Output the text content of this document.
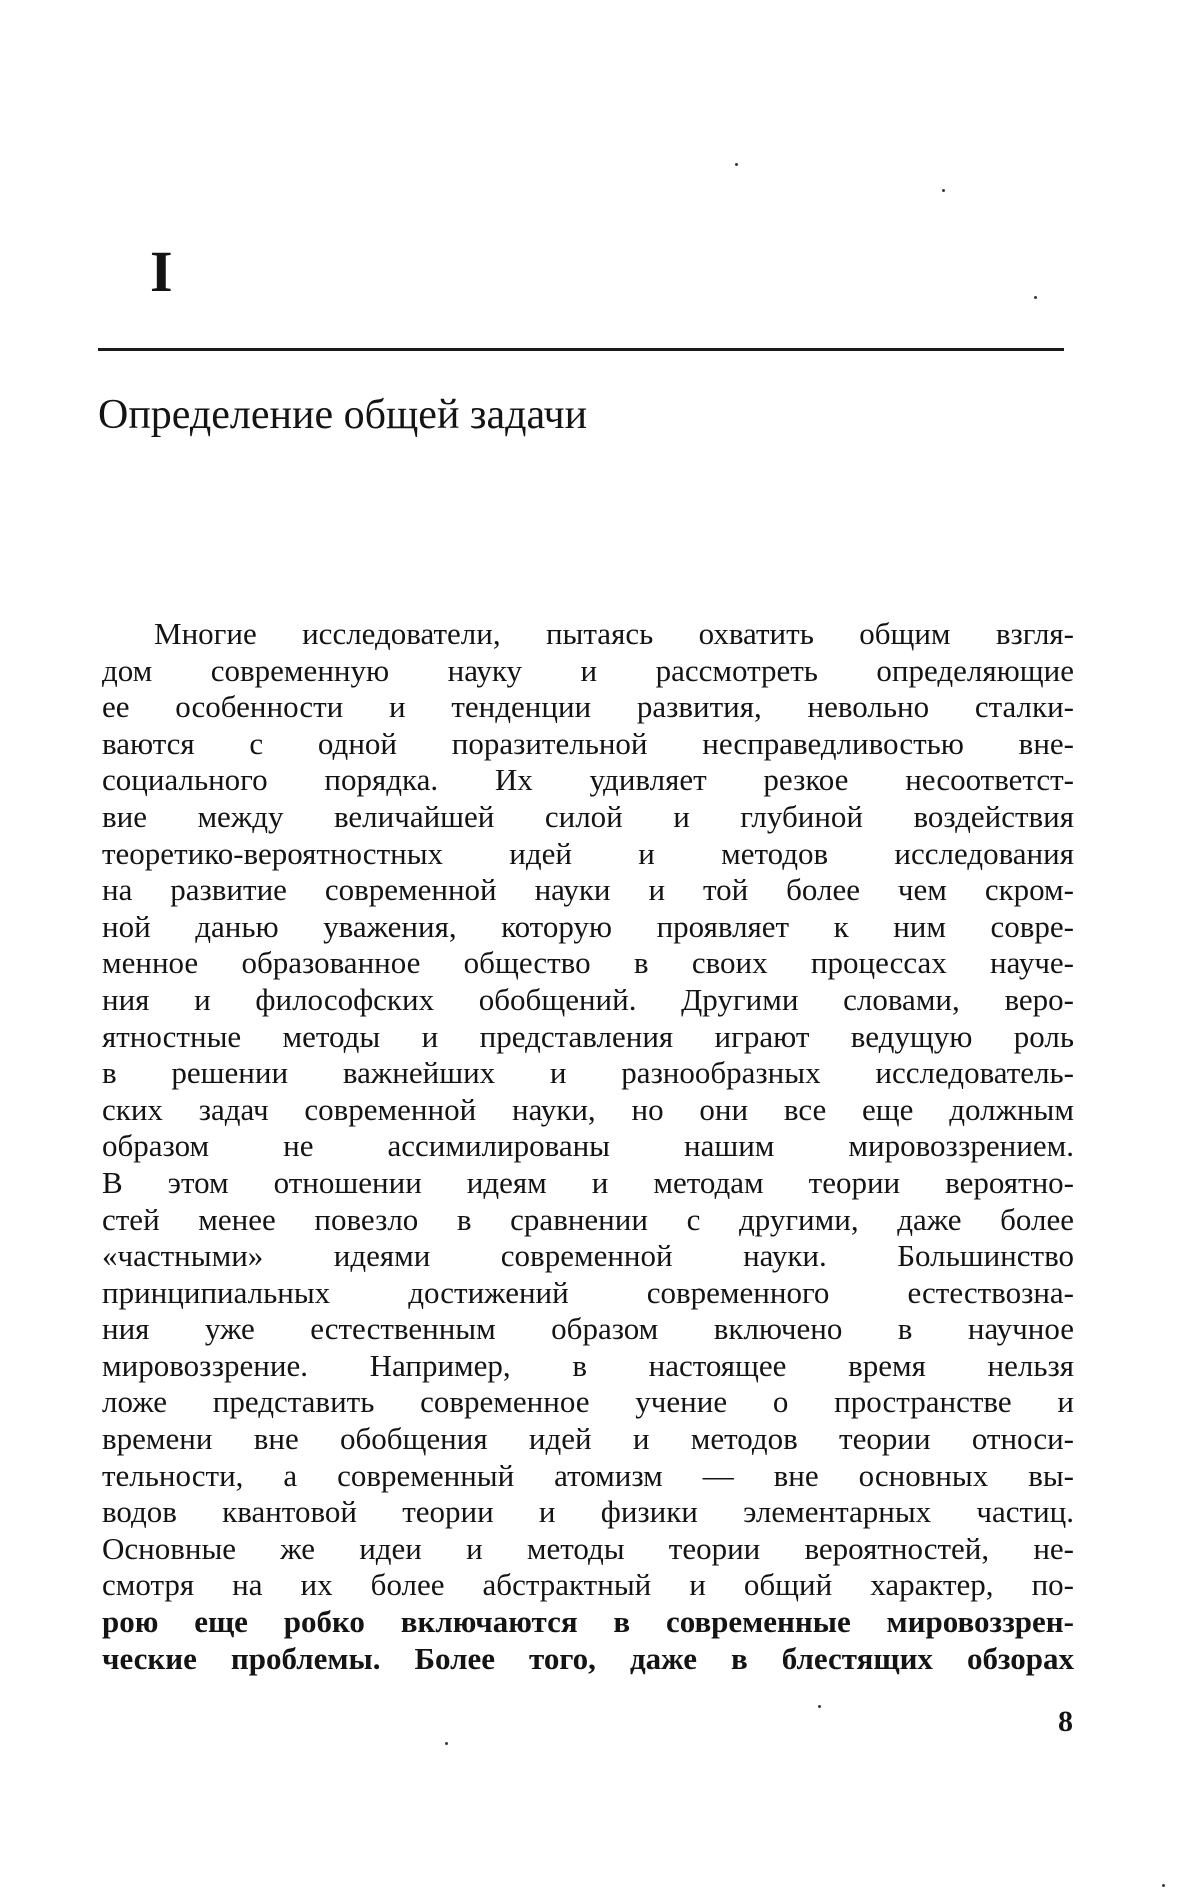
I
Определение общей задачи
Многие исследователи, пытаясь охватить общим взгля-
дом современную науку и рассмотреть определяющие
ее особенности и тенденции развития, невольно сталки-
ваются с одной поразительной несправедливостью вне-
социального порядка. Их удивляет резкое несоответст-
вие между величайшей силой и глубиной воздействия
теоретико-вероятностных идей и методов исследования
на развитие современной науки и той более чем скром-
ной данью уважения, которую проявляет к ним совре-
менное образованное общество в своих процессах науче-
ния и философских обобщений. Другими словами, веро-
ятностные методы и представления играют ведущую роль
в решении важнейших и разнообразных исследователь-
ских задач современной науки, но они все еще должным
образом не ассимилированы нашим мировоззрением.
В этом отношении идеям и методам теории вероятно-
стей менее повезло в сравнении с другими, даже более
«частными» идеями современной науки. Большинство
принципиальных достижений современного естествозна-
ния уже естественным образом включено в научное
мировоззрение. Например, в настоящее время нельзя
ложе представить современное учение о пространстве и
времени вне обобщения идей и методов теории относи-
тельности, а современный атомизм — вне основных вы-
водов квантовой теории и физики элементарных частиц.
Основные же идеи и методы теории вероятностей, не-
смотря на их более абстрактный и общий характер, по-
рою еще робко включаются в современные мировоззрен-
ческие проблемы. Более того, даже в блестящих обзорах
8
